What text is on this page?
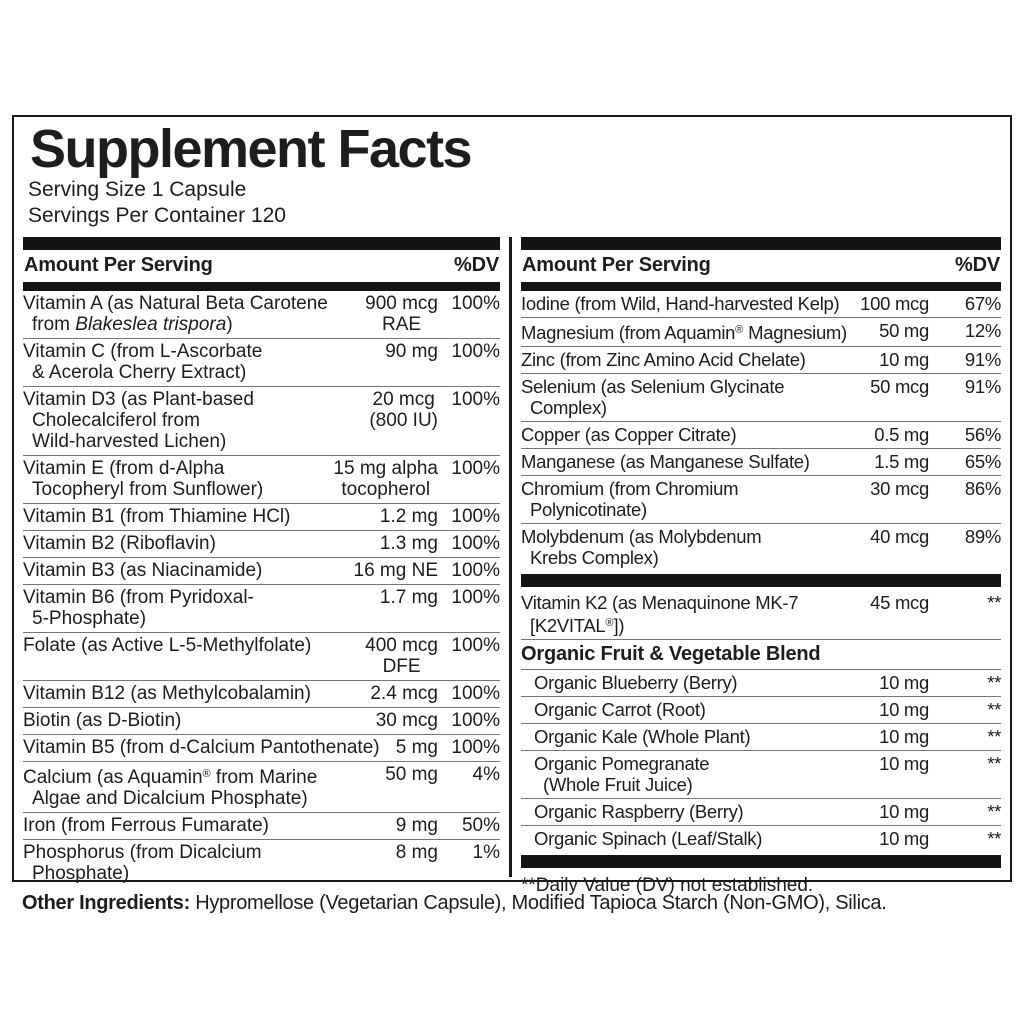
Supplement Facts
Serving Size 1 Capsule
Servings Per Container 120
Amount Per Serving	%DV
Vitamin A (as Natural Beta Carotene
from Blakeslea trispora)
900 mcg
RAE
100%
Vitamin C (from L-Ascorbate
& Acerola Cherry Extract)
90 mg 100%
Vitamin D3 (as Plant-based
Cholecalciferol from
Wild-harvested Lichen)
20 mcg
(800 IU)
100%
Vitamin E (from d-Alpha
Tocopheryl from Sunflower)
15 mg alpha
tocopherol
100%
Vitamin B1 (from Thiamine HCl)	1.2 mg 100%
Vitamin B2 (Riboflavin)	1.3 mg 100%
Vitamin B3 (as Niacinamide)	16 mg NE 100%
Vitamin B6 (from Pyridoxal-
5-Phosphate)
1.7 mg 100%
Folate (as Active L-5-Methylfolate)	400 mcg
DFE
100%
Vitamin B12 (as Methylcobalamin)	2.4 mcg 100%
Biotin (as D-Biotin)	30 mcg 100%
Vitamin B5 (from d-Calcium Pantothenate) 5 mg 100%
Calcium (as Aquamin® from Marine
Algae and Dicalcium Phosphate)
50 mg	4%
Iron (from Ferrous Fumarate)	9 mg	50%
Phosphorus (from Dicalcium
Phosphate)
8 mg	1%
Amount Per Serving	%DV
Iodine (from Wild, Hand-harvested Kelp)	100 mcg	67%
Magnesium (from Aquamin® Magnesium) 50 mg	12%
Zinc (from Zinc Amino Acid Chelate)	10 mg	91%
Selenium (as Selenium Glycinate
Complex)
50 mcg	91%
Copper (as Copper Citrate)	0.5 mg	56%
Manganese (as Manganese Sulfate)	1.5 mg	65%
Chromium (from Chromium
Polynicotinate)
30 mcg	86%
Molybdenum (as Molybdenum
Krebs Complex)
40 mcg	89%
Vitamin K2 (as Menaquinone MK-7
[K2VITAL®])
45 mcg	**
Organic Fruit & Vegetable Blend
Organic Blueberry (Berry)	10 mg	**
Organic Carrot (Root)	10 mg	**
Organic Kale (Whole Plant)	10 mg	**
Organic Pomegranate
(Whole Fruit Juice)
10 mg	**
Organic Raspberry (Berry)	10 mg	**
Organic Spinach (Leaf/Stalk)	10 mg	**
**Daily Value (DV) not established.
Other Ingredients: Hypromellose (Vegetarian Capsule), Modified Tapioca Starch (Non-GMO), Silica.
